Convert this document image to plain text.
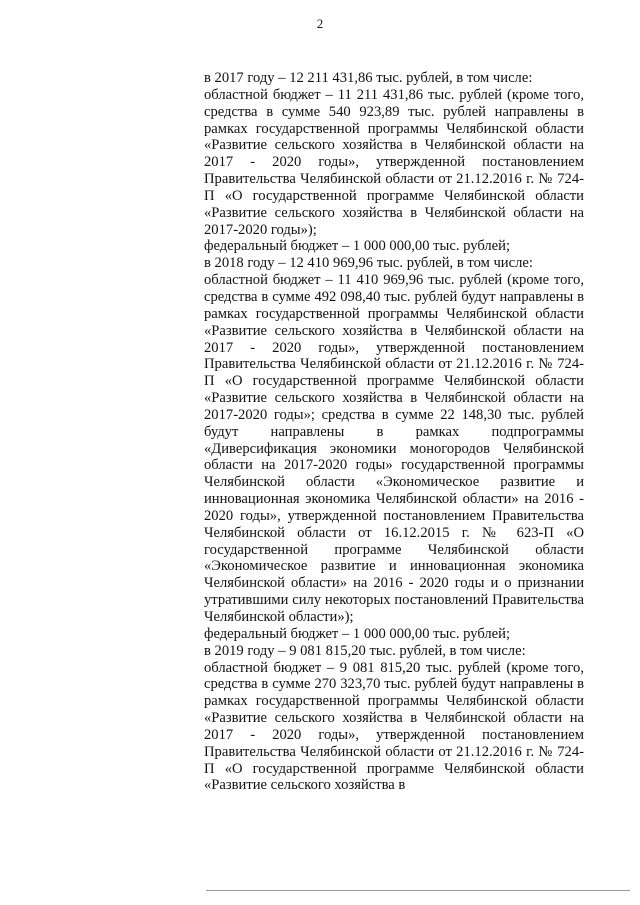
2
в 2017 году – 12 211 431,86 тыс. рублей, в том числе:
областной бюджет – 11 211 431,86 тыс. рублей (кроме того, средства в сумме 540 923,89 тыс. рублей направлены в рамках государственной программы Челябинской области «Развитие сельского хозяйства в Челябинской области на 2017 - 2020 годы», утвержденной постановлением Правительства Челябинской области от 21.12.2016 г. № 724-П «О государственной программе Челябинской области «Развитие сельского хозяйства в Челябинской области на 2017-2020 годы»);
федеральный бюджет – 1 000 000,00 тыс. рублей;
в 2018 году – 12 410 969,96 тыс. рублей, в том числе:
областной бюджет – 11 410 969,96 тыс. рублей (кроме того, средства в сумме 492 098,40 тыс. рублей будут направлены в рамках государственной программы Челябинской области «Развитие сельского хозяйства в Челябинской области на 2017 - 2020 годы», утвержденной постановлением Правительства Челябинской области от 21.12.2016 г. № 724-П «О государственной программе Челябинской области «Развитие сельского хозяйства в Челябинской области на 2017-2020 годы»; средства в сумме 22 148,30 тыс. рублей будут направлены в рамках подпрограммы «Диверсификация экономики моногородов Челябинской области на 2017-2020 годы» государственной программы Челябинской области «Экономическое развитие и инновационная экономика Челябинской области» на 2016 - 2020 годы», утвержденной постановлением Правительства Челябинской области от 16.12.2015 г. № 623-П «О государственной программе Челябинской области «Экономическое развитие и инновационная экономика Челябинской области» на 2016 - 2020 годы и о признании утратившими силу некоторых постановлений Правительства Челябинской области»);
федеральный бюджет – 1 000 000,00 тыс. рублей;
в 2019 году – 9 081 815,20 тыс. рублей, в том числе:
областной бюджет – 9 081 815,20 тыс. рублей (кроме того, средства в сумме 270 323,70 тыс. рублей будут направлены в рамках государственной программы Челябинской области «Развитие сельского хозяйства в Челябинской области на 2017 - 2020 годы», утвержденной постановлением Правительства Челябинской области от 21.12.2016 г. № 724-П «О государственной программе Челябинской области «Развитие сельского хозяйства в
